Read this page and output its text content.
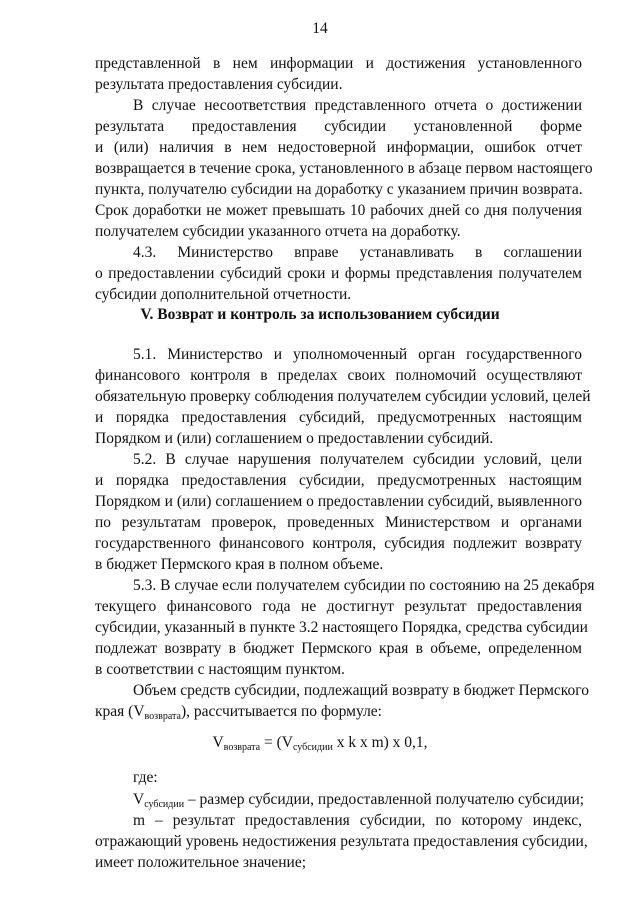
14
представленной в нем информации и достижения установленного
результата предоставления субсидии.
В случае несоответствия представленного отчета о достижении
результата предоставления субсидии установленной форме
и (или) наличия в нем недостоверной информации, ошибок отчет
возвращается в течение срока, установленного в абзаце первом настоящего
пункта, получателю субсидии на доработку с указанием причин возврата.
Срок доработки не может превышать 10 рабочих дней со дня получения
получателем субсидии указанного отчета на доработку.
4.3. Министерство вправе устанавливать в соглашении
о предоставлении субсидий сроки и формы представления получателем
субсидии дополнительной отчетности.
V. Возврат и контроль за использованием субсидии
5.1. Министерство и уполномоченный орган государственного
финансового контроля в пределах своих полномочий осуществляют
обязательную проверку соблюдения получателем субсидии условий, целей
и порядка предоставления субсидий, предусмотренных настоящим
Порядком и (или) соглашением о предоставлении субсидий.
5.2. В случае нарушения получателем субсидии условий, цели
и порядка предоставления субсидии, предусмотренных настоящим
Порядком и (или) соглашением о предоставлении субсидий, выявленного
по результатам проверок, проведенных Министерством и органами
государственного финансового контроля, субсидия подлежит возврату
в бюджет Пермского края в полном объеме.
5.3. В случае если получателем субсидии по состоянию на 25 декабря
текущего финансового года не достигнут результат предоставления
субсидии, указанный в пункте 3.2 настоящего Порядка, средства субсидии
подлежат возврату в бюджет Пермского края в объеме, определенном
в соответствии с настоящим пунктом.
Объем средств субсидии, подлежащий возврату в бюджет Пермского
края $(V_{возврата})$, рассчитывается по формуле:
$V_{возврата} = (V_{субсидии}$ x k x m) x 0,1,
где:
$V_{субсидии}$ – размер субсидии, предоставленной получателю субсидии;
m – результат предоставления субсидии, по которому индекс,
отражающий уровень недостижения результата предоставления субсидии,
имеет положительное значение;
